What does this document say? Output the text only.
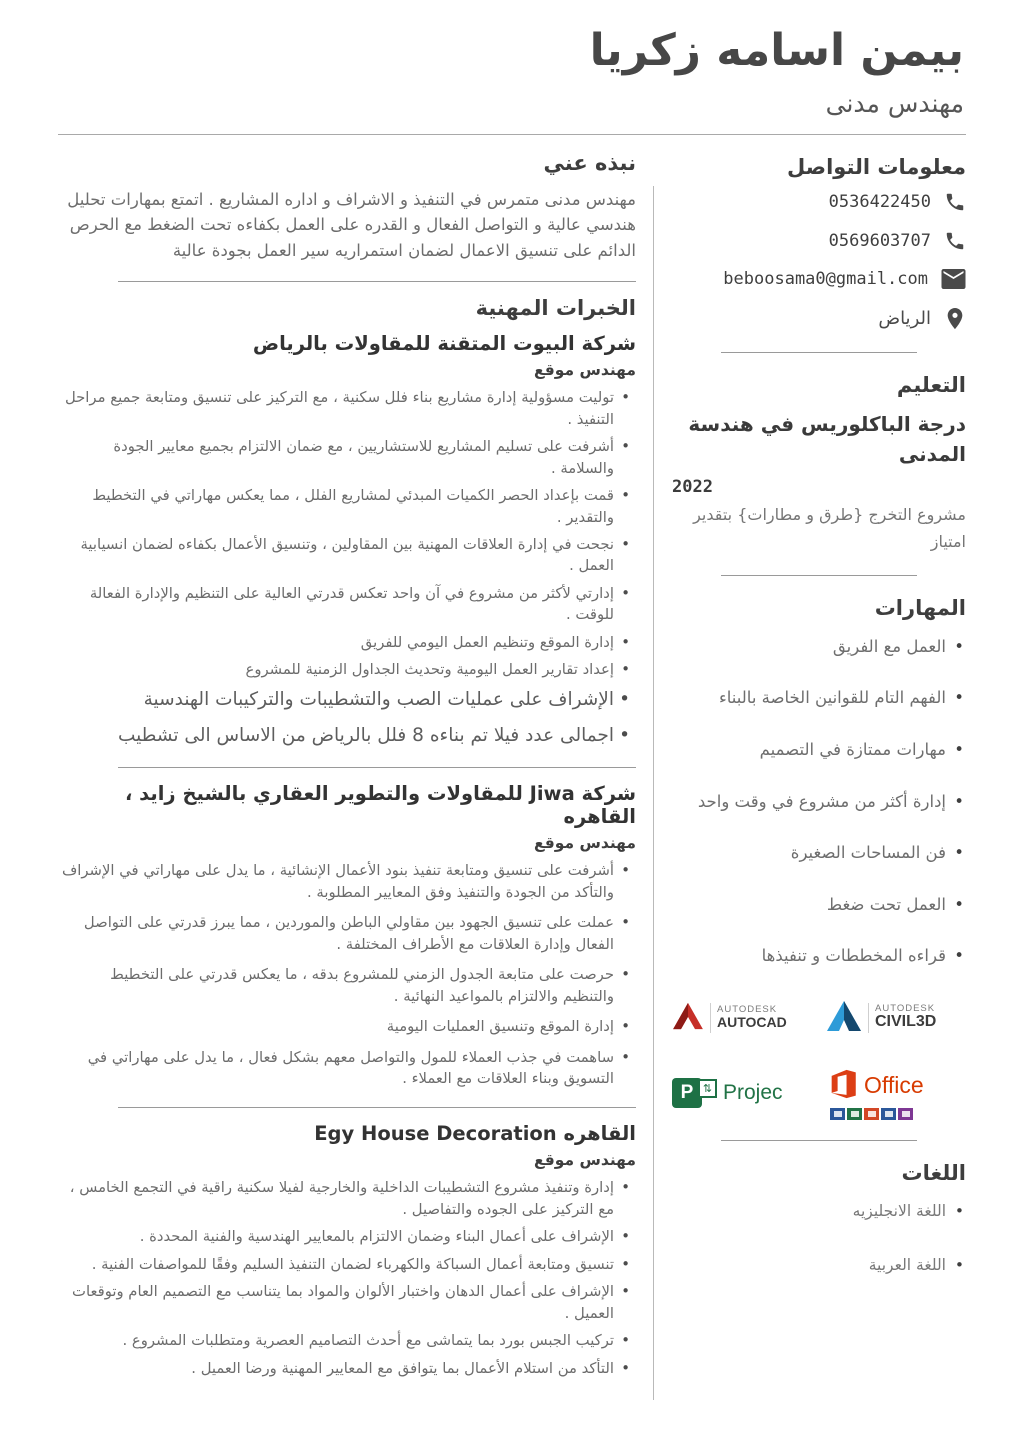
بيمن اسامه زكريا
مهندس مدنى
معلومات التواصل
0536422450
0569603707
beboosama0@gmail.com
الرياض
التعليم
درجة الباكلوريس في هندسة المدنى
2022
مشروع التخرج {طرق و مطارات} بتقدير امتياز
المهارات
• العمل مع الفريق
• الفهم التام للقوانين الخاصة بالبناء
• مهارات ممتازة في التصميم
• إدارة أكثر من مشروع في وقت واحد
• فن المساحات الصغيرة
• العمل تحت ضغط
• قراءه المخططات و تنفيذها
AUTODESK
AUTOCAD
AUTODESK
CIVIL3D
P ⇅ Projec	Office
اللغات
• اللغة الانجليزيه
• اللغة العربية
نبذه عني

مهندس مدنى متمرس في التنفيذ و الاشراف و اداره المشاريع . اتمتع بمهارات تحليل هندسي عالية و التواصل الفعال و القدره على العمل بكفاءه تحت الضغط مع الحرص الدائم على تنسيق الاعمال لضمان استمراريه سير العمل بجودة عالية

الخبرات المهنية
شركة البيوت المتقنة للمقاولات بالرياض
مهندس موقع
• توليت مسؤولية إدارة مشاريع بناء فلل سكنية ، مع التركيز على تنسيق ومتابعة جميع مراحل التنفيذ .
• أشرفت على تسليم المشاريع للاستشاريين ، مع ضمان الالتزام بجميع معايير الجودة والسلامة .
• قمت بإعداد الحصر الكميات المبدئي لمشاريع الفلل ، مما يعكس مهاراتي في التخطيط والتقدير .
• نجحت في إدارة العلاقات المهنية بين المقاولين ، وتنسيق الأعمال بكفاءه لضمان انسيابية العمل .
• إدارتي لأكثر من مشروع في آن واحد تعكس قدرتي العالية على التنظيم والإدارة الفعالة للوقت .
• إدارة الموقع وتنظيم العمل اليومي للفريق
• إعداد تقارير العمل اليومية وتحديث الجداول الزمنية للمشروع
• الإشراف على عمليات الصب والتشطيبات والتركيبات الهندسية
• اجمالى عدد فيلا تم بناءه 8 فلل بالرياض من الاساس الى تشطيب
شركة Jiwa للمقاولات والتطوير العقاري بالشيخ زايد ، القاهره
مهندس موقع
• أشرفت على تنسيق ومتابعة تنفيذ بنود الأعمال الإنشائية ، ما يدل على مهاراتي في الإشراف والتأكد من الجودة والتنفيذ وفق المعايير المطلوبة .
• عملت على تنسيق الجهود بين مقاولي الباطن والموردين ، مما يبرز قدرتي على التواصل الفعال وإدارة العلاقات مع الأطراف المختلفة .
• حرصت على متابعة الجدول الزمني للمشروع بدقه ، ما يعكس قدرتي على التخطيط والتنظيم والالتزام بالمواعيد النهائية .
• إدارة الموقع وتنسيق العمليات اليومية
• ساهمت في جذب العملاء للمول والتواصل معهم بشكل فعال ، ما يدل على مهاراتي في التسويق وبناء العلاقات مع العملاء .
القاهره Egy House Decoration
مهندس موقع
• إدارة وتنفيذ مشروع التشطيبات الداخلية والخارجية لفيلا سكنية راقية في التجمع الخامس ، مع التركيز على الجوده والتفاصيل .
• الإشراف على أعمال البناء وضمان الالتزام بالمعايير الهندسية والفنية المحددة .
• تنسيق ومتابعة أعمال السباكة والكهرباء لضمان التنفيذ السليم وفقًا للمواصفات الفنية .
• الإشراف على أعمال الدهان واختبار الألوان والمواد بما يتناسب مع التصميم العام وتوقعات العميل .
• تركيب الجبس بورد بما يتماشى مع أحدث التصاميم العصرية ومتطلبات المشروع .
• التأكد من استلام الأعمال بما يتوافق مع المعايير المهنية ورضا العميل .
